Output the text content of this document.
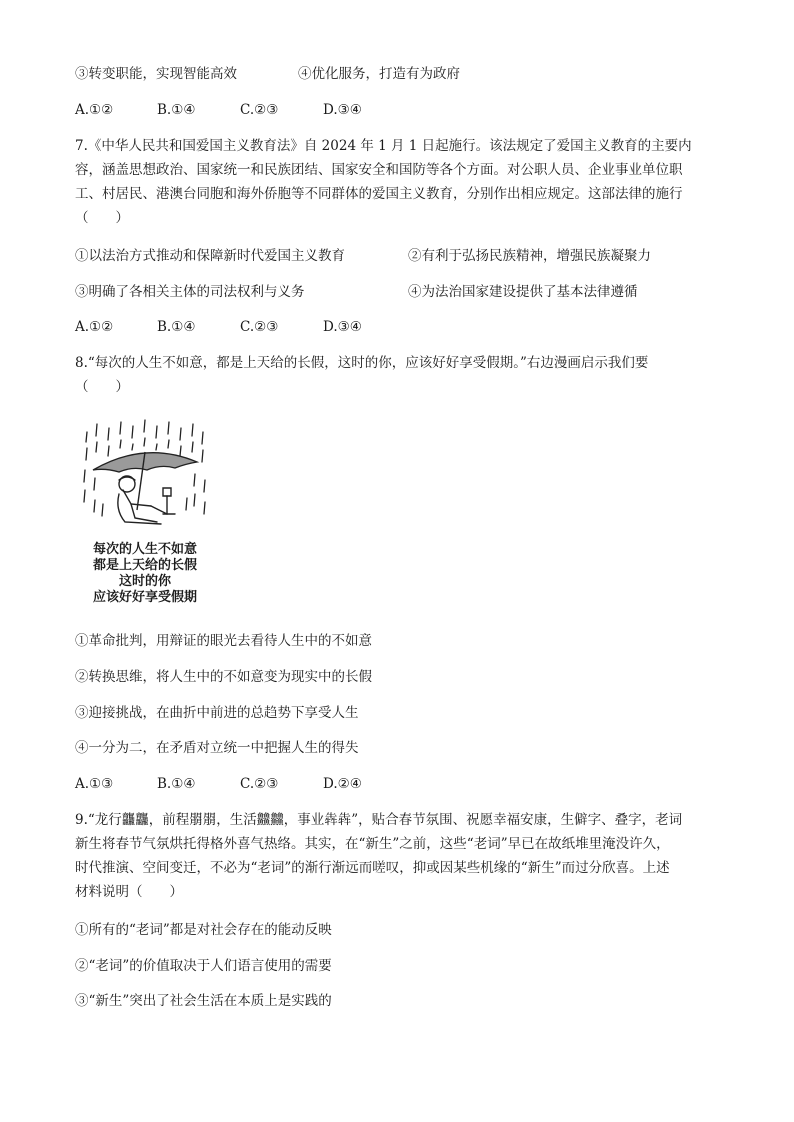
③转变职能，实现智能高效	④优化服务，打造有为政府
A.①②	B.①④	C.②③	D.③④
7.《中华人民共和国爱国主义教育法》自 2024 年 1 月 1 日起施行。该法规定了爱国主义教育的主要内
容，涵盖思想政治、国家统一和民族团结、国家安全和国防等各个方面。对公职人员、企业事业单位职
工、村居民、港澳台同胞和海外侨胞等不同群体的爱国主义教育，分别作出相应规定。这部法律的施行
（　　）
①以法治方式推动和保障新时代爱国主义教育	②有利于弘扬民族精神，增强民族凝聚力
③明确了各相关主体的司法权利与义务	④为法治国家建设提供了基本法律遵循
A.①②	B.①④	C.②③	D.③④
8.“每次的人生不如意，都是上天给的长假，这时的你，应该好好享受假期。”右边漫画启示我们要
（　　）
每次的人生不如意
都是上天给的长假
这时的你
应该好好享受假期
①革命批判，用辩证的眼光去看待人生中的不如意
②转换思维，将人生中的不如意变为现实中的长假
③迎接挑战，在曲折中前进的总趋势下享受人生
④一分为二，在矛盾对立统一中把握人生的得失
A.①③	B.①④	C.②③	D.②④
9.“龙行龘龘，前程朤朤，生活䲜䲜，事业犇犇”，贴合春节氛围、祝愿幸福安康，生僻字、叠字，老词
新生将春节气氛烘托得格外喜气热络。其实，在“新生”之前，这些“老词”早已在故纸堆里淹没许久，
时代推演、空间变迁，不必为“老词”的渐行渐远而嗟叹，抑或因某些机缘的“新生”而过分欣喜。上述
材料说明（　　）
①所有的“老词”都是对社会存在的能动反映
②“老词”的价值取决于人们语言使用的需要
③“新生”突出了社会生活在本质上是实践的
